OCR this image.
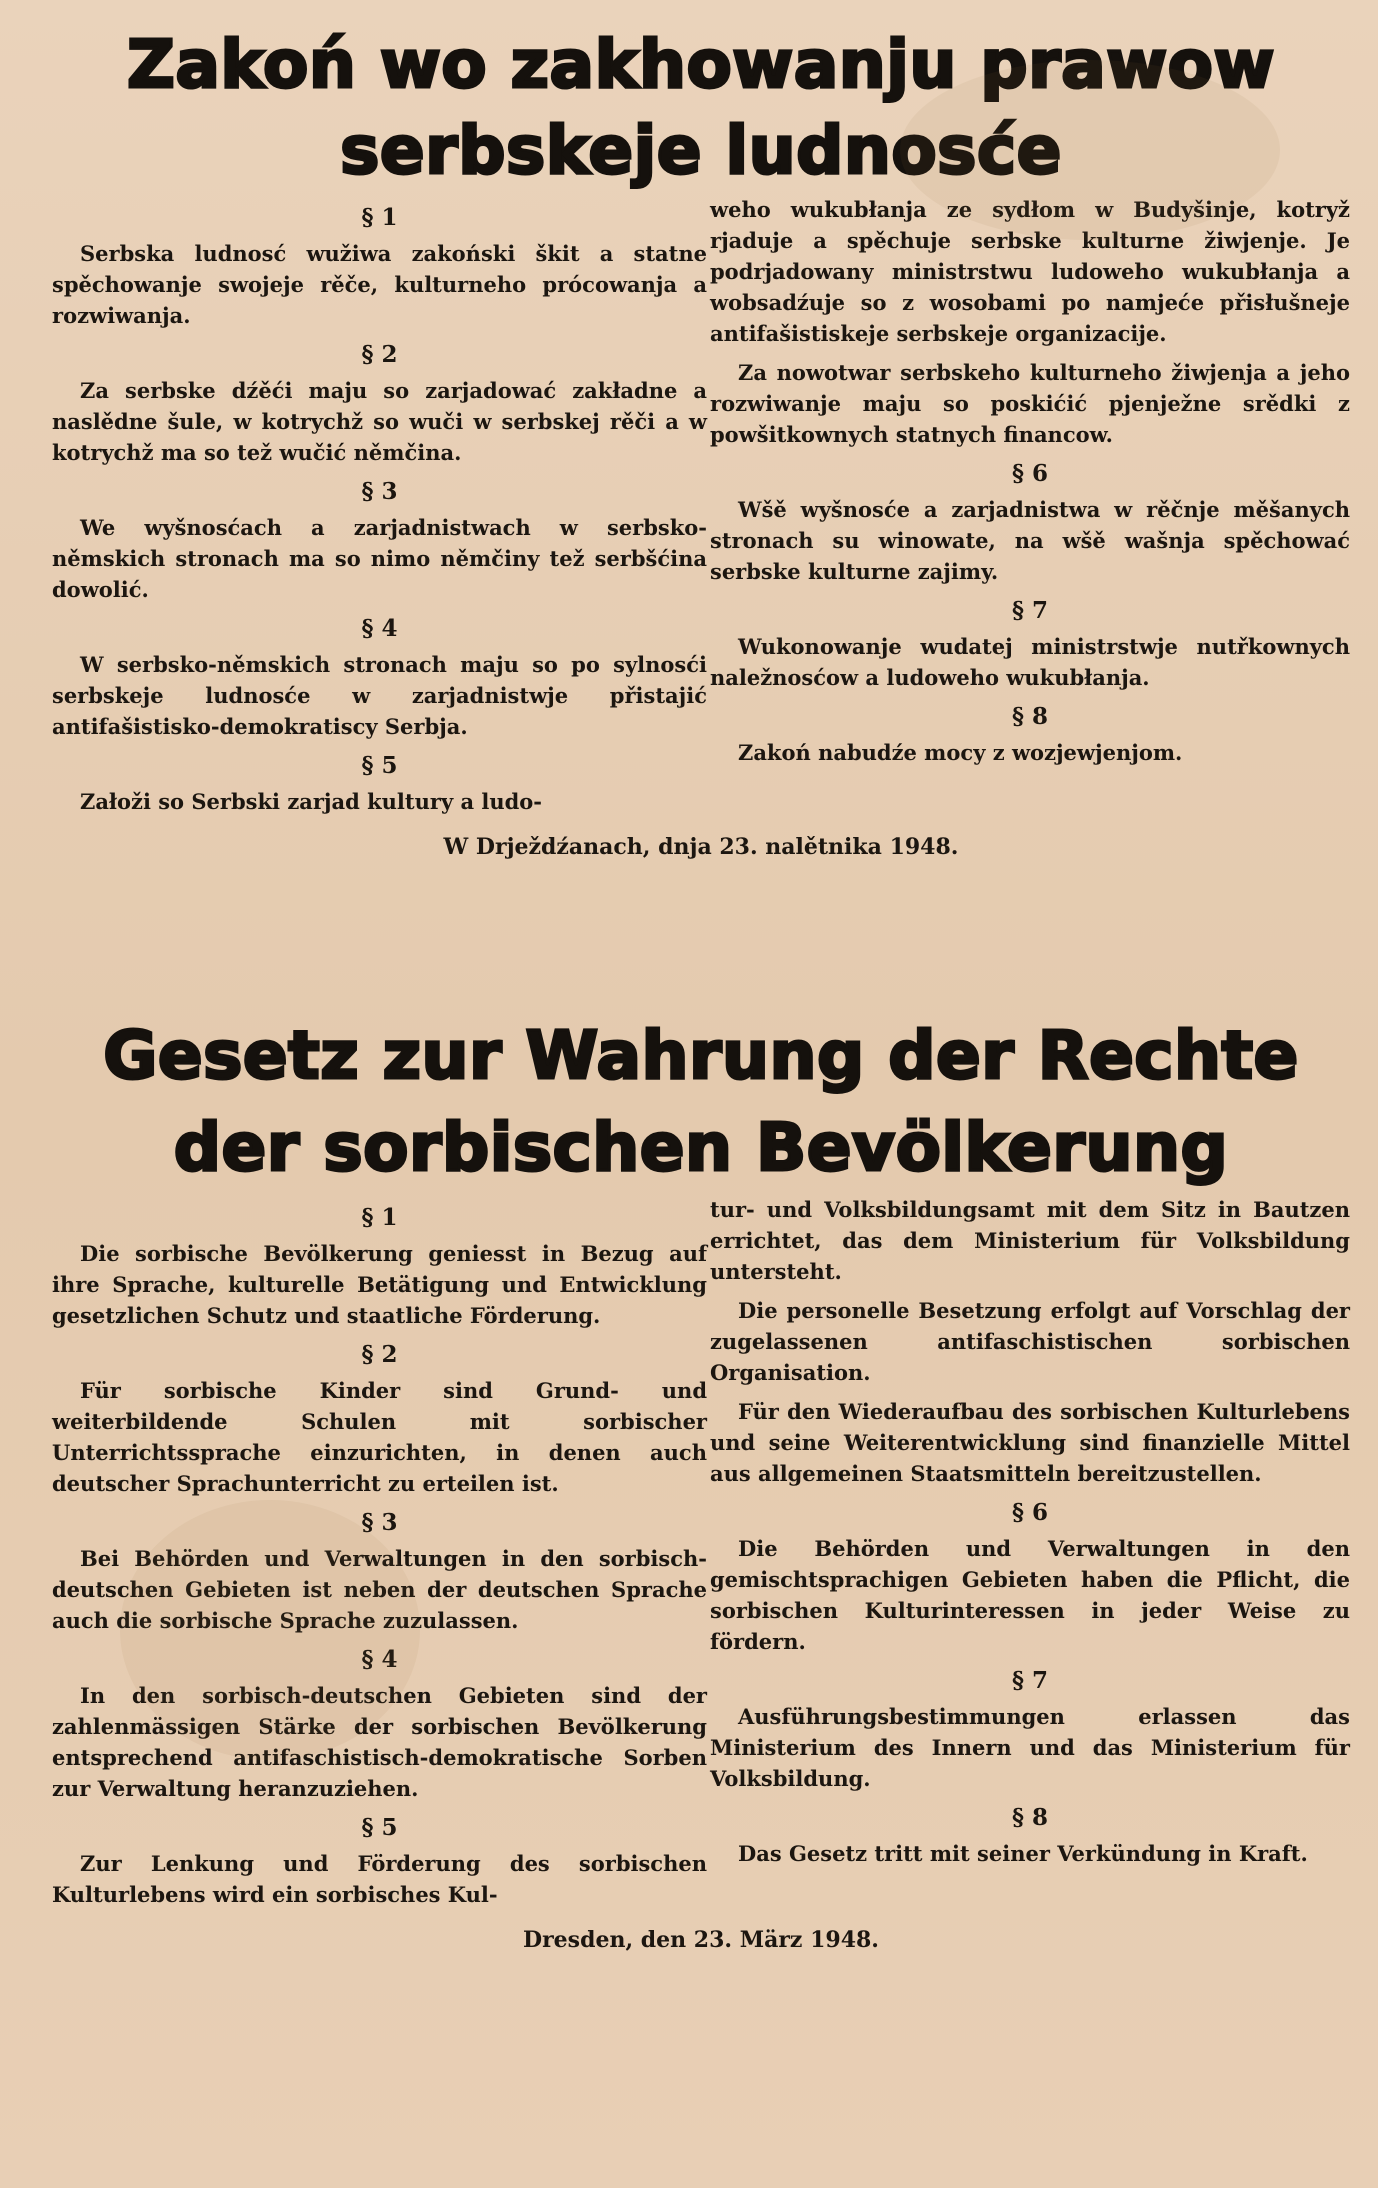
Zakoń wo zakhowanju prawow
serbskeje ludnosće
§ 1

Serbska ludnosć wužiwa zakoński škit a statne spěchowanje swojeje rěče, kulturneho prócowanja a rozwiwanja.

§ 2

Za serbske dźěći maju so zarjadować zakładne a naslědne šule, w kotrychž so wuči w serbskej rěči a w kotrychž ma so tež wučić němčina.

§ 3

We wyšnosćach a zarjadnistwach w serbsko-němskich stronach ma so nimo němčiny tež serbšćina dowolić.

§ 4

W serbsko-němskich stronach maju so po sylnosći serbskeje ludnosće w zarjadnistwje přistajić antifašistisko-demokratiscy Serbja.

§ 5

Załoži so Serbski zarjad kultury a ludo-

weho wukubłanja ze sydłom w Budyšinje, kotryž rjaduje a spěchuje serbske kulturne žiwjenje. Je podrjadowany ministrstwu ludoweho wukubłanja a wobsadźuje so z wosobami po namjeće přisłušneje antifašistiskeje serbskeje organizacije.

Za nowotwar serbskeho kulturneho žiwjenja a jeho rozwiwanje maju so poskićić pjenježne srědki z powšitkownych statnych financow.

§ 6

Wšě wyšnosće a zarjadnistwa w rěčnje měšanych stronach su winowate, na wšě wašnja spěchować serbske kulturne zajimy.

§ 7

Wukonowanje wudatej ministrstwje nutřkownych naležnosćow a ludoweho wukubłanja.

§ 8

Zakoń nabudźe mocy z wozjewjenjom.

W Drježdźanach, dnja 23. nalětnika 1948.

Gesetz zur Wahrung der Rechte
der sorbischen Bevölkerung
§ 1

Die sorbische Bevölkerung geniesst in Bezug auf ihre Sprache, kulturelle Betätigung und Entwicklung gesetzlichen Schutz und staatliche Förderung.

§ 2

Für sorbische Kinder sind Grund- und weiterbildende Schulen mit sorbischer Unterrichtssprache einzurichten, in denen auch deutscher Sprachunterricht zu erteilen ist.

§ 3

Bei Behörden und Verwaltungen in den sorbisch-deutschen Gebieten ist neben der deutschen Sprache auch die sorbische Sprache zuzulassen.

§ 4

In den sorbisch-deutschen Gebieten sind der zahlenmässigen Stärke der sorbischen Bevölkerung entsprechend antifaschistisch-demokratische Sorben zur Verwaltung heranzuziehen.

§ 5

Zur Lenkung und Förderung des sorbischen Kulturlebens wird ein sorbisches Kul-

tur- und Volksbildungsamt mit dem Sitz in Bautzen errichtet, das dem Ministerium für Volksbildung untersteht.

Die personelle Besetzung erfolgt auf Vorschlag der zugelassenen antifaschistischen sorbischen Organisation.

Für den Wiederaufbau des sorbischen Kulturlebens und seine Weiterentwicklung sind finanzielle Mittel aus allgemeinen Staatsmitteln bereitzustellen.

§ 6

Die Behörden und Verwaltungen in den gemischtsprachigen Gebieten haben die Pflicht, die sorbischen Kulturinteressen in jeder Weise zu fördern.

§ 7

Ausführungsbestimmungen erlassen das Ministerium des Innern und das Ministerium für Volksbildung.

§ 8

Das Gesetz tritt mit seiner Verkündung in Kraft.

Dresden, den 23. März 1948.
